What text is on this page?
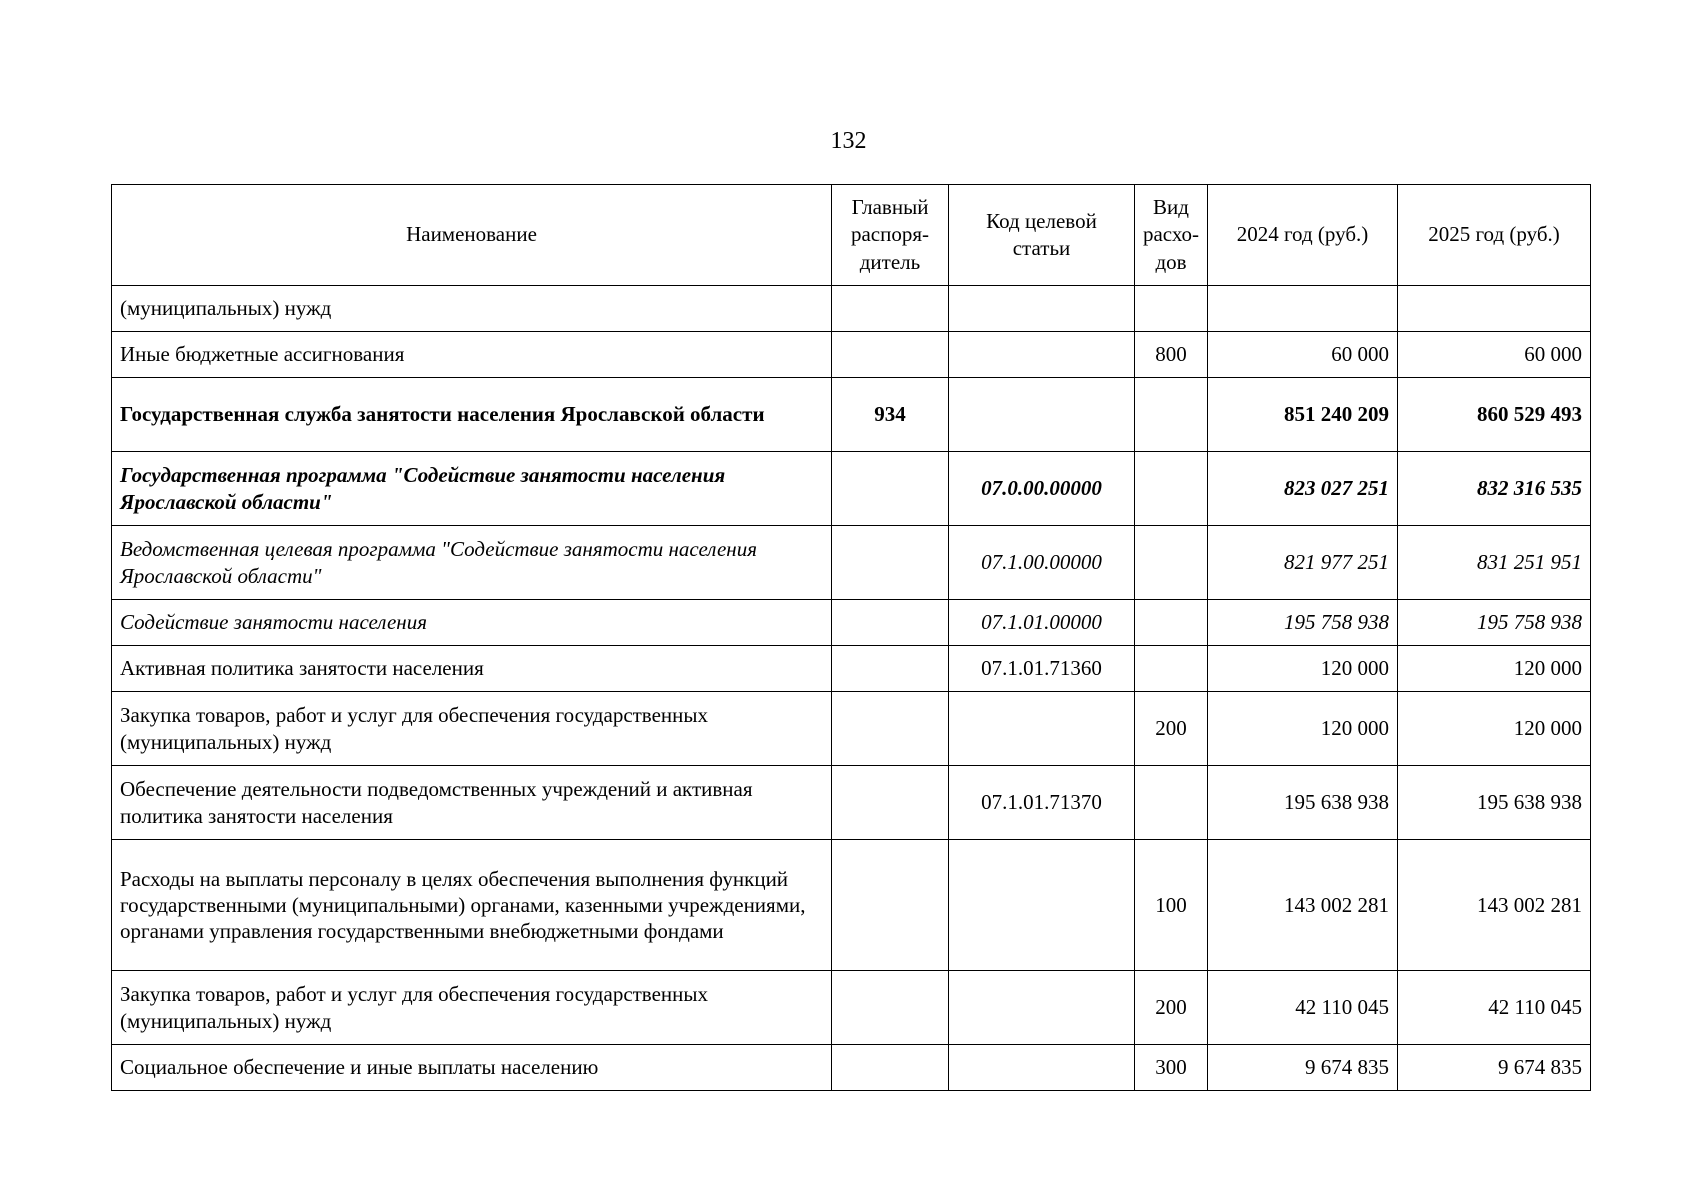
132
Наименование	Главный распоря- дитель	Код целевой статьи	Вид расхо- дов	2024 год (руб.)	2025 год (руб.)
(муниципальных) нужд					
Иные бюджетные ассигнования			800	60 000	60 000
Государственная служба занятости населения Ярославской области	934			851 240 209	860 529 493
Государственная программа "Содействие занятости населения Ярославской области"		07.0.00.00000		823 027 251	832 316 535
Ведомственная целевая программа "Содействие занятости населения Ярославской области"		07.1.00.00000		821 977 251	831 251 951
Содействие занятости населения		07.1.01.00000		195 758 938	195 758 938
Активная политика занятости населения		07.1.01.71360		120 000	120 000
Закупка товаров, работ и услуг для обеспечения государственных (муниципальных) нужд			200	120 000	120 000
Обеспечение деятельности подведомственных учреждений и активная политика занятости населения		07.1.01.71370		195 638 938	195 638 938
Расходы на выплаты персоналу в целях обеспечения выполнения функций государственными (муниципальными) органами, казенными учреждениями, органами управления государственными внебюджетными фондами			100	143 002 281	143 002 281
Закупка товаров, работ и услуг для обеспечения государственных (муниципальных) нужд			200	42 110 045	42 110 045
Социальное обеспечение и иные выплаты населению			300	9 674 835	9 674 835
